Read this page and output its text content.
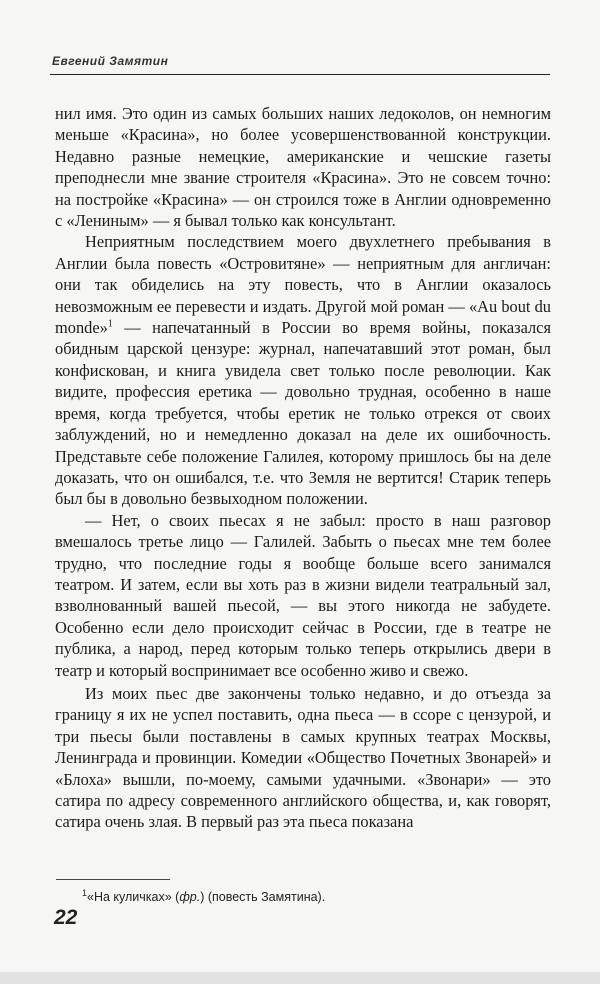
Евгений Замятин

нил имя. Это один из самых больших наших ледоколов, он немногим меньше «Красина», но более усовершенствованной конструкции. Недавно разные немецкие, американские и чешские газеты преподнесли мне звание строителя «Красина». Это не совсем точно: на постройке «Красина» — он строился тоже в Англии одновременно с «Лениным» — я бывал только как консультант.

Неприятным последствием моего двухлетнего пребывания в Англии была повесть «Островитяне» — неприятным для англичан: они так обиделись на эту повесть, что в Англии оказалось невозможным ее перевести и издать. Другой мой роман — «Au bout du monde»$^1$ — напечатанный в России во время войны, показался обидным царской цензуре: журнал, напечатавший этот роман, был конфискован, и книга увидела свет только после революции. Как видите, профессия еретика — довольно трудная, особенно в наше время, когда требуется, чтобы еретик не только отрекся от своих заблуждений, но и немедленно доказал на деле их ошибочность. Представьте себе положение Галилея, которому пришлось бы на деле доказать, что он ошибался, т.е. что Земля не вертится! Старик теперь был бы в довольно безвыходном положении.

— Нет, о своих пьесах я не забыл: просто в наш разговор вмешалось третье лицо — Галилей. Забыть о пьесах мне тем более трудно, что последние годы я вообще больше всего занимался театром. И затем, если вы хоть раз в жизни видели театральный зал, взволнованный вашей пьесой, — вы этого никогда не забудете. Особенно если дело происходит сейчас в России, где в театре не публика, а народ, перед которым только теперь открылись двери в театр и который воспринимает все особенно живо и свежо.

Из моих пьес две закончены только недавно, и до отъезда за границу я их не успел поставить, одна пьеса — в ссоре с цензурой, и три пьесы были поставлены в самых крупных театрах Москвы, Ленинграда и провинции. Комедии «Общество Почетных Звонарей» и «Блоха» вышли, по-моему, самыми удачными. «Звонари» — это сатира по адресу современного английского общества, и, как говорят, сатира очень злая. В первый раз эта пьеса показана

$^1$«На куличках» (фр.) (повесть Замятина).
22
